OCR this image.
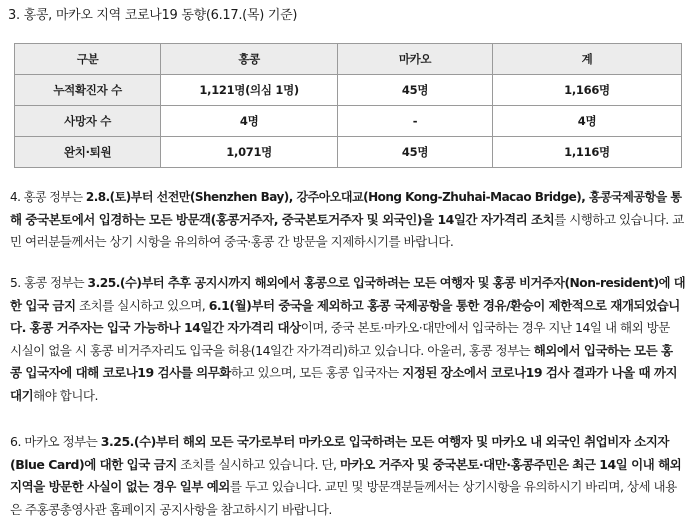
3. 홍콩, 마카오 지역 코로나19 동향(6.17.(목) 기준)
구분	홍콩	마카오	계
누적확진자 수	1,121명(의심 1명)	45명	1,166명
사망자 수	4명	-	4명
완치·퇴원	1,071명	45명	1,116명
4. 홍콩 정부는 2.8.(토)부터 선전만(Shenzhen Bay), 강주아오대교(Hong Kong-Zhuhai-Macao Bridge), 홍콩국제공항을 통
해 중국본토에서 입경하는 모든 방문객(홍콩거주자, 중국본토거주자 및 외국인)을 14일간 자가격리 조치를 시행하고 있습니다. 교
민 여러분들께서는 상기 시항을 유의하여 중국·홍콩 간 방문을 지제하시기를 바랍니다.
5. 홍콩 정부는 3.25.(수)부터 추후 공지시까지 해외에서 홍콩으로 입국하려는 모든 여행자 및 홍콩 비거주자(Non-resident)에 대
한 입국 금지 조치를 실시하고 있으며, 6.1(월)부터 중국을 제외하고 홍콩 국제공항을 통한 경유/환승이 제한적으로 재개되었습니
다. 홍콩 거주자는 입국 가능하나 14일간 자가격리 대상이며, 중국 본토·마카오·대만에서 입국하는 경우 지난 14일 내 해외 방문
시실이 없을 시 홍콩 비거주자리도 입국을 허용(14일간 자가격리)하고 있습니다. 아울러, 홍콩 정부는 해외에서 입국하는 모든 홍
콩 입국자에 대해 코로나19 검사를 의무화하고 있으며, 모든 홍콩 입국자는 지정된 장소에서 코로나19 검사 결과가 나올 때 까지
대기해야 합니다.
6. 마카오 정부는 3.25.(수)부터 해외 모든 국가로부터 마카오로 입국하려는 모든 여행자 및 마카오 내 외국인 취업비자 소지자
(Blue Card)에 대한 입국 금지 조치를 실시하고 있습니다. 단, 마카오 거주자 및 중국본토·대만·홍콩주민은 최근 14일 이내 해외
지역을 방문한 사실이 없는 경우 일부 예외를 두고 있습니다. 교민 및 방문객분들께서는 상기시항을 유의하시기 바리며, 상세 내용
은 주홍콩총영사관 홈페이지 공지사항을 참고하시기 바랍니다.
